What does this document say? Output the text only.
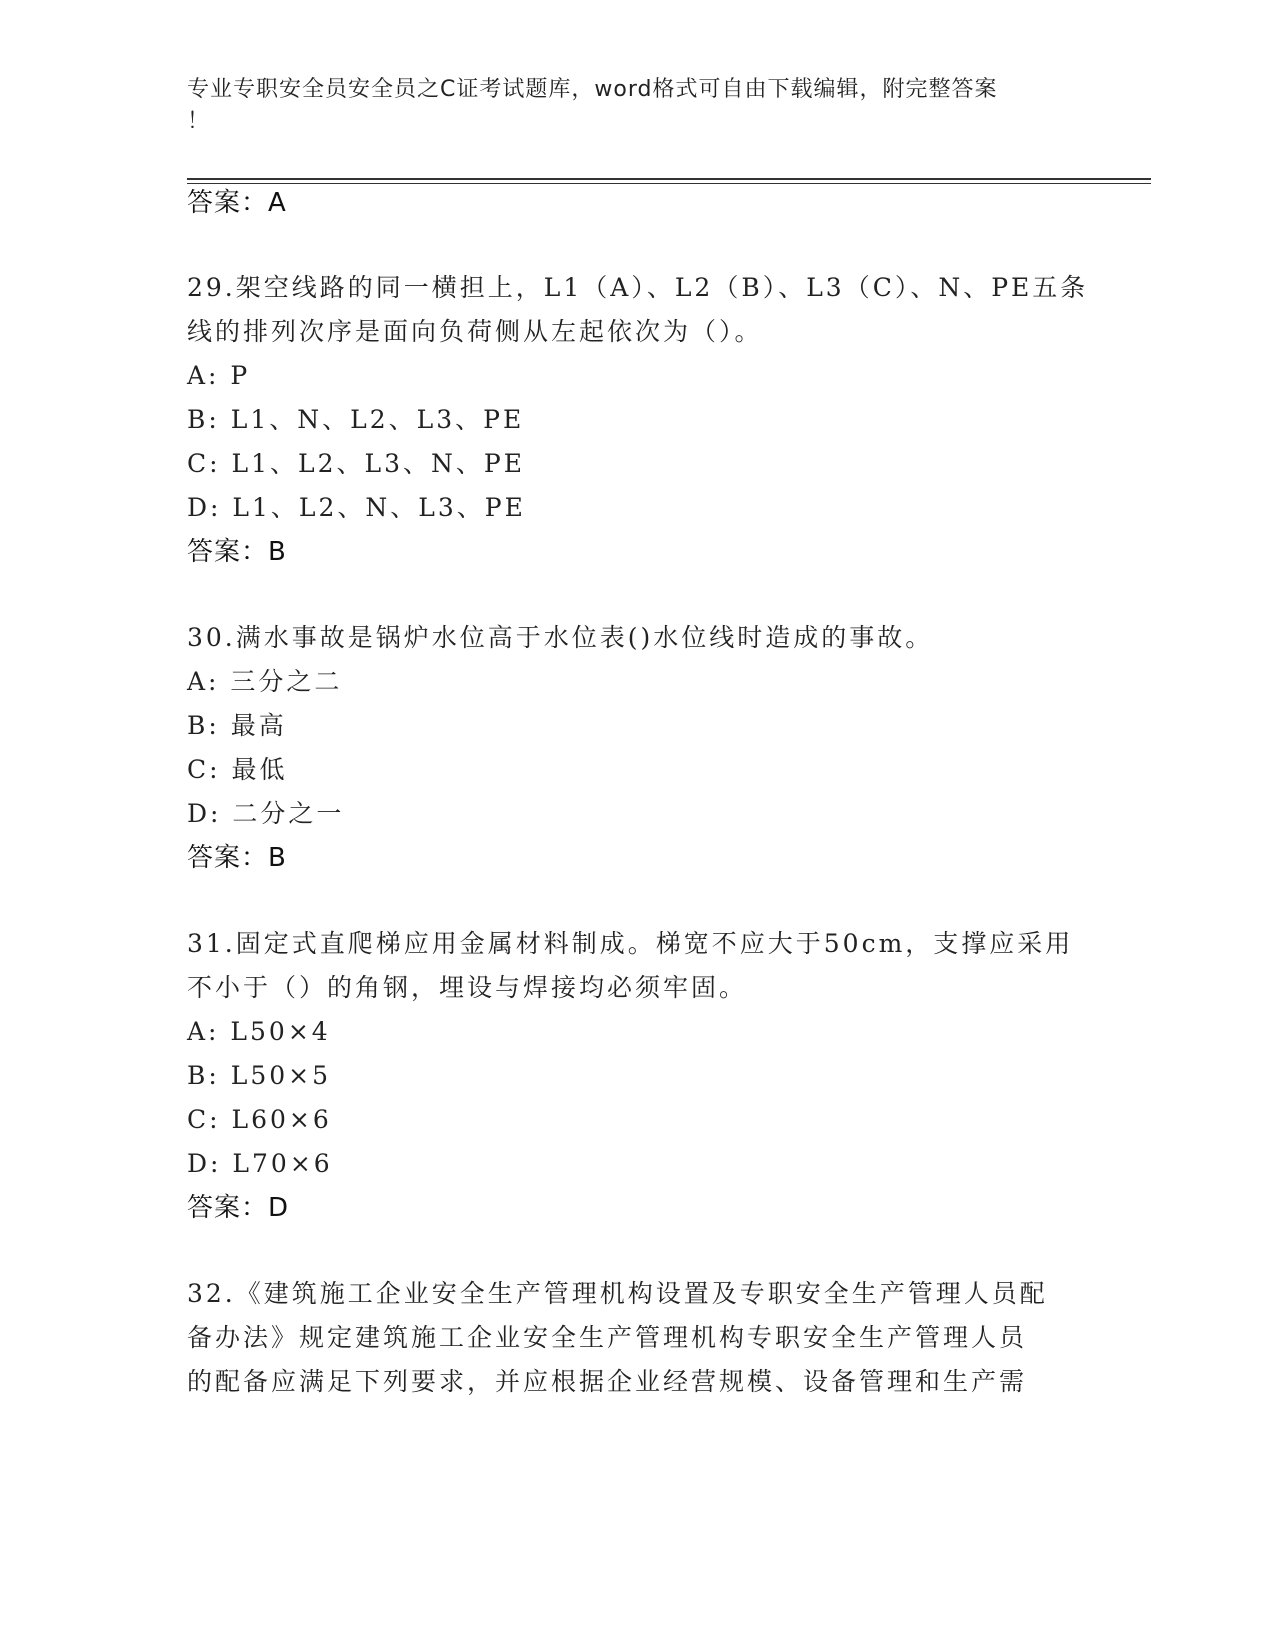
专业专职安全员安全员之C证考试题库，word格式可自由下载编辑，附完整答案
！
答案：A
29.架空线路的同一横担上，L1（A）、L2（B）、L3（C）、N、PE五条
线的排列次序是面向负荷侧从左起依次为（）。
A: P
B: L1、N、L2、L3、PE
C: L1、L2、L3、N、PE
D: L1、L2、N、L3、PE
答案：B
30.满水事故是锅炉水位高于水位表()水位线时造成的事故。
A: 三分之二
B: 最高
C: 最低
D: 二分之一
答案：B
31.固定式直爬梯应用金属材料制成。梯宽不应大于50cm，支撑应采用
不小于（）的角钢，埋设与焊接均必须牢固。
A: L50×4
B: L50×5
C: L60×6
D: L70×6
答案：D
32.《建筑施工企业安全生产管理机构设置及专职安全生产管理人员配
备办法》规定建筑施工企业安全生产管理机构专职安全生产管理人员
的配备应满足下列要求，并应根据企业经营规模、设备管理和生产需
